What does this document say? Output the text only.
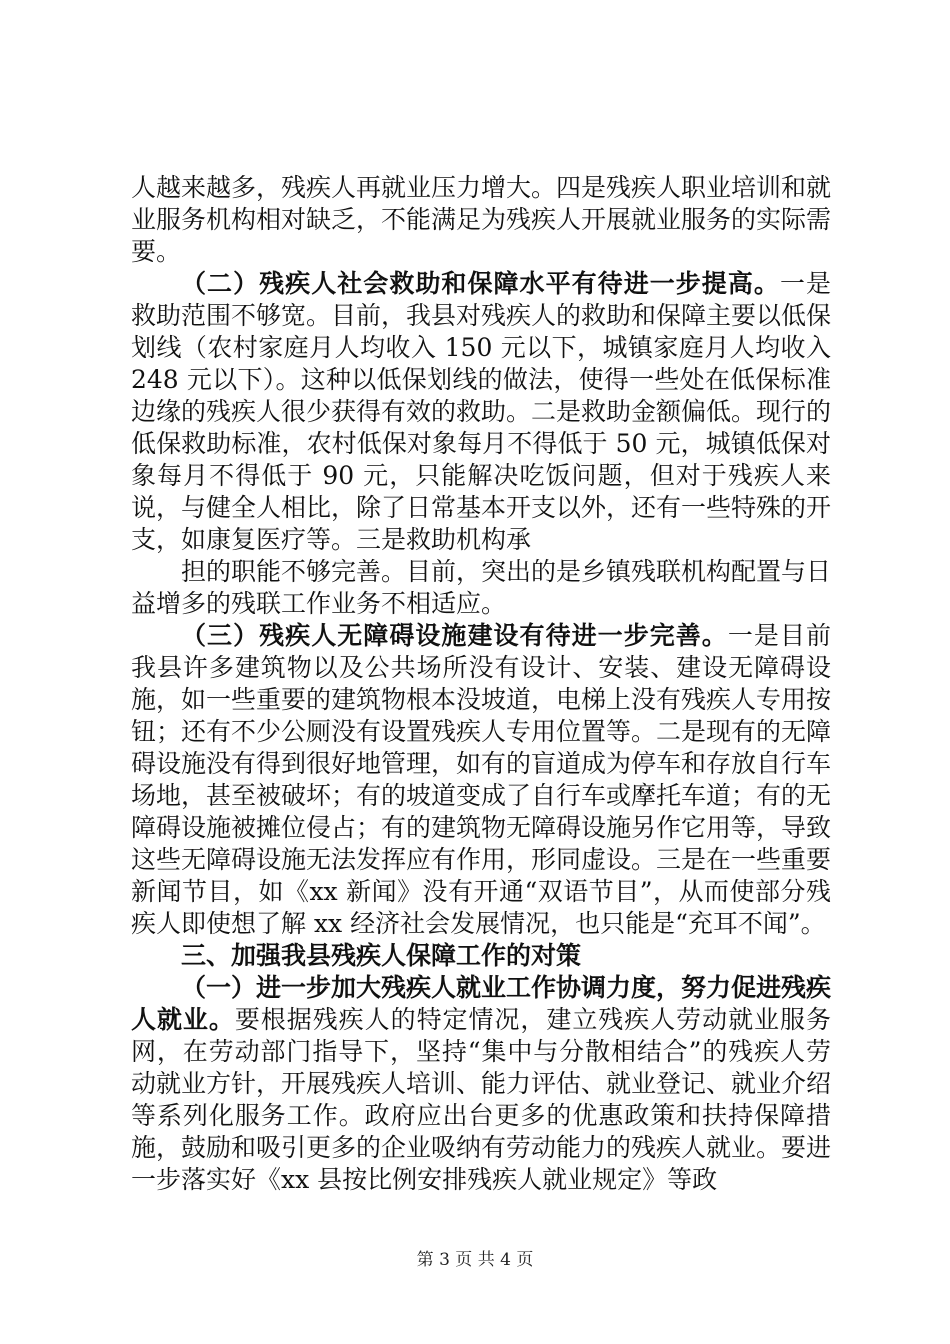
人越来越多，残疾人再就业压力增大。四是残疾人职业培训和就业服务机构相对缺乏，不能满足为残疾人开展就业服务的实际需要。

（二）残疾人社会救助和保障水平有待进一步提高。一是救助范围不够宽。目前，我县对残疾人的救助和保障主要以低保划线（农村家庭月人均收入 150 元以下，城镇家庭月人均收入 248 元以下）。这种以低保划线的做法，使得一些处在低保标准边缘的残疾人很少获得有效的救助。二是救助金额偏低。现行的低保救助标准，农村低保对象每月不得低于 50 元，城镇低保对象每月不得低于 90 元，只能解决吃饭问题，但对于残疾人来说，与健全人相比，除了日常基本开支以外，还有一些特殊的开支，如康复医疗等。三是救助机构承

担的职能不够完善。目前，突出的是乡镇残联机构配置与日益增多的残联工作业务不相适应。

（三）残疾人无障碍设施建设有待进一步完善。一是目前我县许多建筑物以及公共场所没有设计、安装、建设无障碍设施，如一些重要的建筑物根本没坡道，电梯上没有残疾人专用按钮；还有不少公厕没有设置残疾人专用位置等。二是现有的无障碍设施没有得到很好地管理，如有的盲道成为停车和存放自行车场地，甚至被破坏；有的坡道变成了自行车或摩托车道；有的无障碍设施被摊位侵占；有的建筑物无障碍设施另作它用等，导致这些无障碍设施无法发挥应有作用，形同虚设。三是在一些重要新闻节目，如《xx 新闻》没有开通“双语节目”，从而使部分残疾人即使想了解 xx 经济社会发展情况，也只能是“充耳不闻”。

三、加强我县残疾人保障工作的对策

（一）进一步加大残疾人就业工作协调力度，努力促进残疾人就业。要根据残疾人的特定情况，建立残疾人劳动就业服务网，在劳动部门指导下，坚持“集中与分散相结合”的残疾人劳动就业方针，开展残疾人培训、能力评估、就业登记、就业介绍等系列化服务工作。政府应出台更多的优惠政策和扶持保障措施，鼓励和吸引更多的企业吸纳有劳动能力的残疾人就业。要进一步落实好《xx 县按比例安排残疾人就业规定》等政

第 3 页 共 4 页
